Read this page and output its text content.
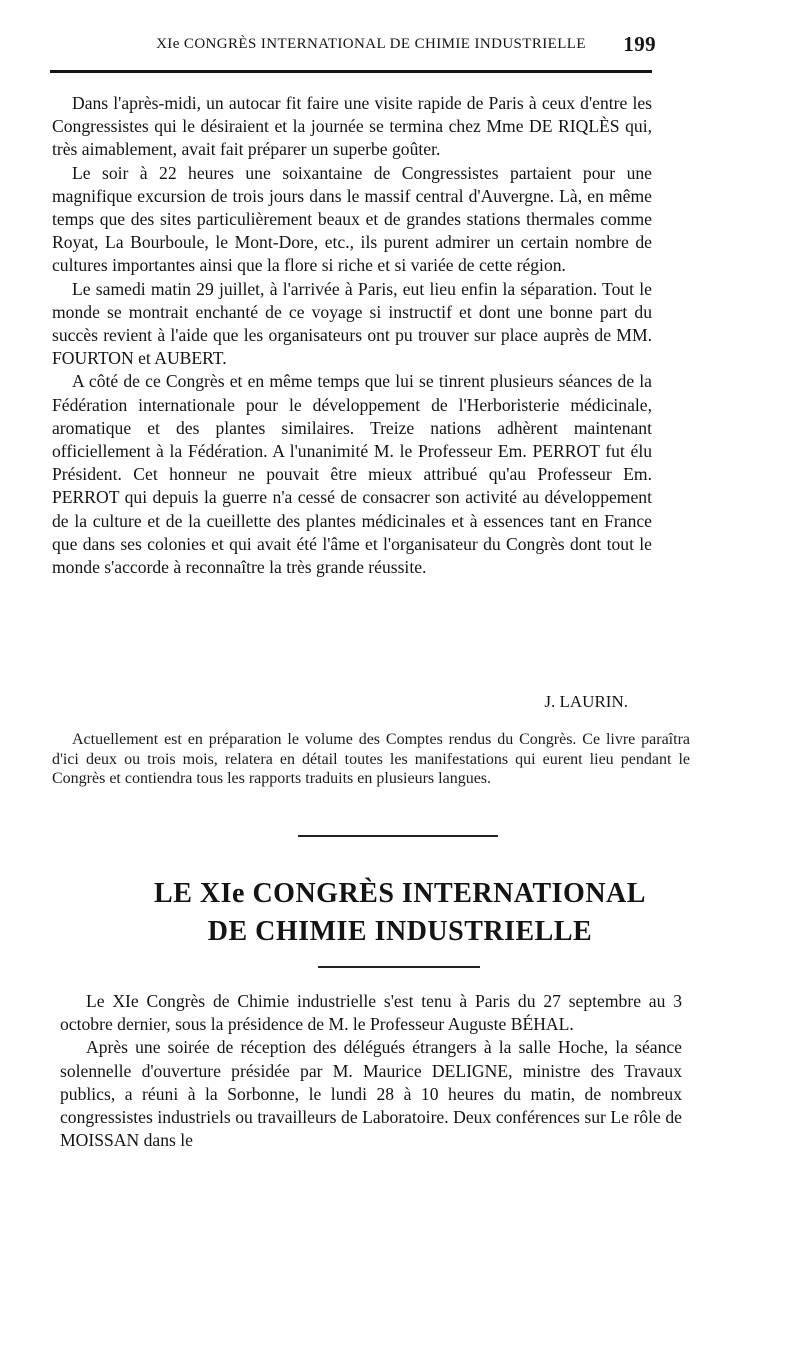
XIe CONGRÈS INTERNATIONAL DE CHIMIE INDUSTRIELLE	199

Dans l'après-midi, un autocar fit faire une visite rapide de Paris à ceux d'entre les Congressistes qui le désiraient et la journée se termina chez Mme DE RIQLÈS qui, très aimablement, avait fait préparer un superbe goûter.

Le soir à 22 heures une soixantaine de Congressistes partaient pour une magnifique excursion de trois jours dans le massif central d'Auvergne. Là, en même temps que des sites particulièrement beaux et de grandes stations thermales comme Royat, La Bourboule, le Mont-Dore, etc., ils purent admirer un certain nombre de cultures importantes ainsi que la flore si riche et si variée de cette région.

Le samedi matin 29 juillet, à l'arrivée à Paris, eut lieu enfin la séparation. Tout le monde se montrait enchanté de ce voyage si instructif et dont une bonne part du succès revient à l'aide que les organisateurs ont pu trouver sur place auprès de MM. FOURTON et AUBERT.

A côté de ce Congrès et en même temps que lui se tinrent plusieurs séances de la Fédération internationale pour le développement de l'Herboristerie médicinale, aromatique et des plantes similaires. Treize nations adhèrent maintenant officiellement à la Fédération. A l'unanimité M. le Professeur Em. PERROT fut élu Président. Cet honneur ne pouvait être mieux attribué qu'au Professeur Em. PERROT qui depuis la guerre n'a cessé de consacrer son activité au développement de la culture et de la cueillette des plantes médicinales et à essences tant en France que dans ses colonies et qui avait été l'âme et l'organisateur du Congrès dont tout le monde s'accorde à reconnaître la très grande réussite.

J. LAURIN.

Actuellement est en préparation le volume des Comptes rendus du Congrès. Ce livre paraîtra d'ici deux ou trois mois, relatera en détail toutes les manifestations qui eurent lieu pendant le Congrès et contiendra tous les rapports traduits en plusieurs langues.

LE XIe CONGRÈS INTERNATIONAL
DE CHIMIE INDUSTRIELLE

Le XIe Congrès de Chimie industrielle s'est tenu à Paris du 27 septembre au 3 octobre dernier, sous la présidence de M. le Professeur Auguste BÉHAL.

Après une soirée de réception des délégués étrangers à la salle Hoche, la séance solennelle d'ouverture présidée par M. Maurice DELIGNE, ministre des Travaux publics, a réuni à la Sorbonne, le lundi 28 à 10 heures du matin, de nombreux congressistes industriels ou travailleurs de Laboratoire. Deux conférences sur Le rôle de MOISSAN dans le
